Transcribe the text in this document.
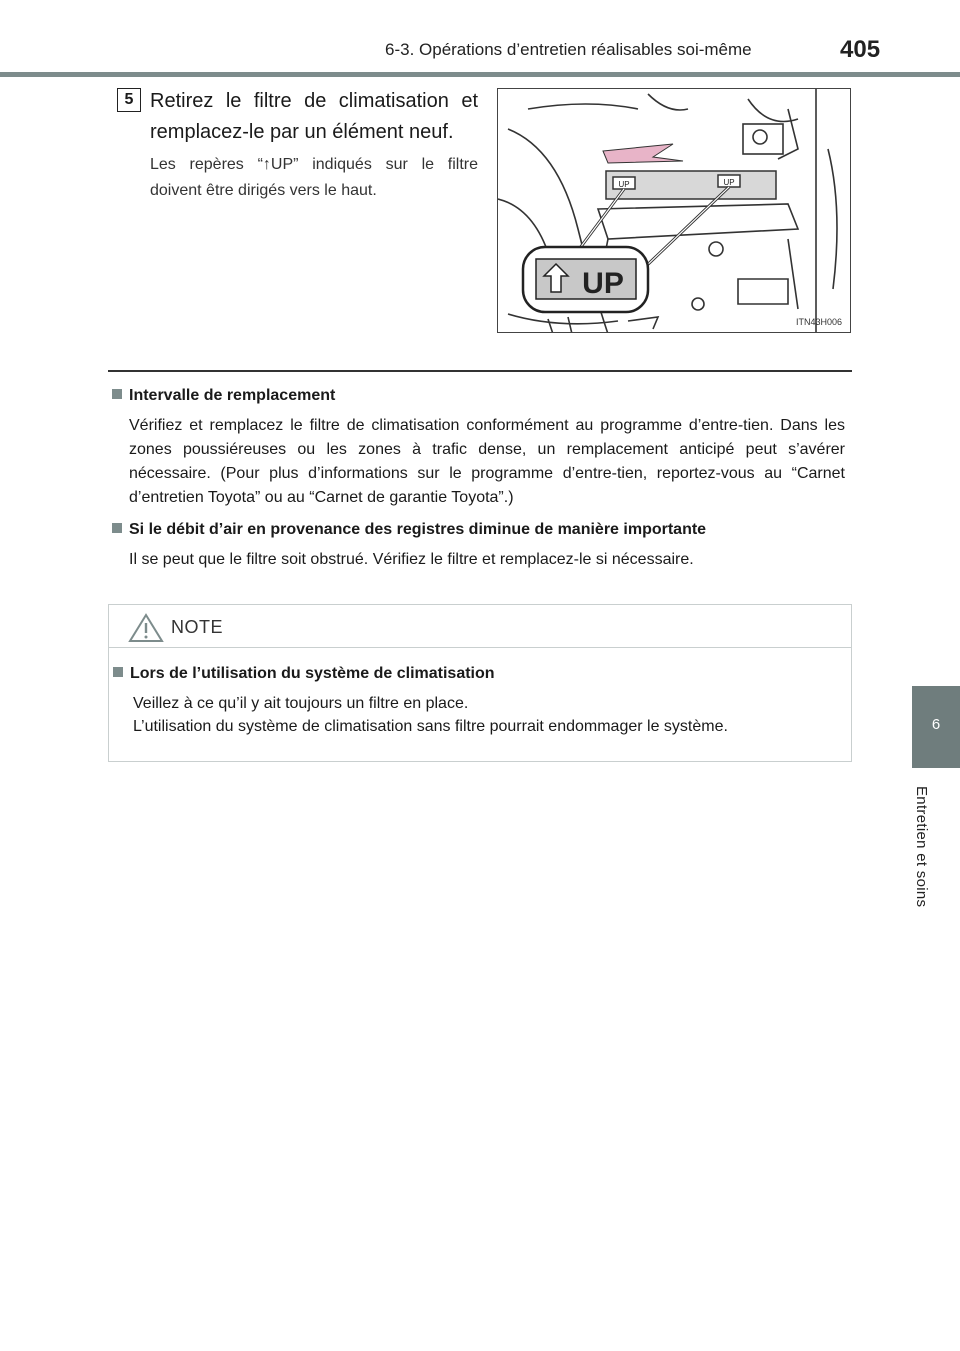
6-3. Opérations d’entretien réalisables soi-même	405
6
Entretien et soins
5 Retirez le filtre de climatisation et remplacez-le par un élément neuf.
Les repères “↑UP” indiqués sur le filtre doivent être dirigés vers le haut.	UP	UP
UP
ITN43H006
Intervalle de remplacement
Vérifiez et remplacez le filtre de climatisation conformément au programme d’entre-tien. Dans les zones poussiéreuses ou les zones à trafic dense, un remplacement anticipé peut s’avérer nécessaire. (Pour plus d’informations sur le programme d’entre-tien, reportez-vous au “Carnet d’entretien Toyota” ou au “Carnet de garantie Toyota”.)
Si le débit d’air en provenance des registres diminue de manière importante
Il se peut que le filtre soit obstrué. Vérifiez le filtre et remplacez-le si nécessaire.
NOTE
Lors de l’utilisation du système de climatisation
Veillez à ce qu’il y ait toujours un filtre en place.
L’utilisation du système de climatisation sans filtre pourrait endommager le système.
